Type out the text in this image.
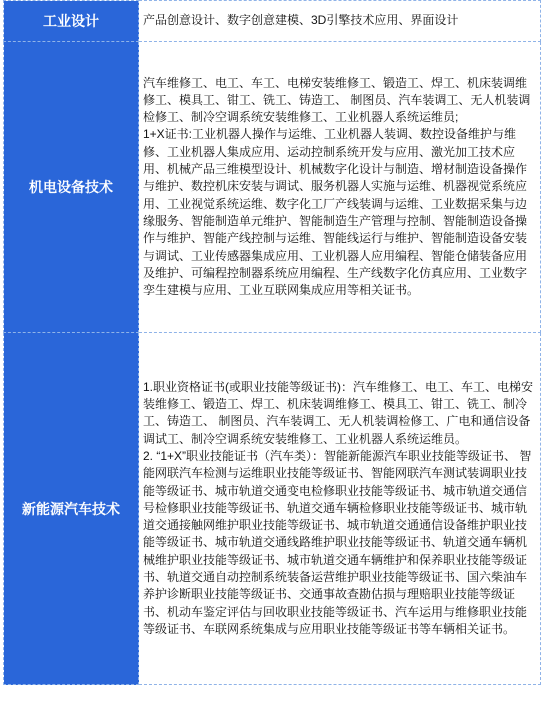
工业设计	产品创意设计、数字创意建模、3D引擎技术应用、界面设计

机电设备技术	汽车维修工、电工、车工、电梯安装维修工、锻造工、焊工、机床装调维修工、模具工、钳工、铣工、铸造工、 制图员、汽车装调工、无人机装调检修工、制冷空调系统安装维修工、工业机器人系统运维员;

1+X证书:工业机器人操作与运维、工业机器人装调、数控设备维护与维修、工业机器人集成应用、运动控制系统开发与应用、激光加工技术应用、机械产品三维模型设计、机械数字化设计与制造、增材制造设备操作与维护、数控机床安装与调试、服务机器人实施与运维、机器视觉系统应用、工业视觉系统运维、数字化工厂产线装调与运维、工业数据采集与边缘服务、智能制造单元维护、智能制造生产管理与控制、智能制造设备操作与维护、智能产线控制与运维、智能线运行与维护、智能制造设备安装与调试、工业传感器集成应用、工业机器人应用编程、智能仓储装备应用及维护、可编程控制器系统应用编程、生产线数字化仿真应用、工业数字孪生建模与应用、工业互联网集成应用等相关证书。

新能源汽车技术	1.职业资格证书(或职业技能等级证书)：汽车维修工、电工、车工、电梯安装维修工、锻造工、焊工、机床装调维修工、模具工、钳工、铣工、制冷工、铸造工、 制图员、汽车装调工、无人机装调检修工、广电和通信设备调试工、制冷空调系统安装维修工、工业机器人系统运维员。

2. “1+X”职业技能证书（汽车类）：智能新能源汽车职业技能等级证书、 智能网联汽车检测与运维职业技能等级证书、智能网联汽车测试装调职业技能等级证书、城市轨道交通变电检修职业技能等级证书、城市轨道交通信号检修职业技能等级证书、轨道交通车辆检修职业技能等级证书、城市轨道交通接触网维护职业技能等级证书、城市轨道交通通信设备维护职业技能等级证书、城市轨道交通线路维护职业技能等级证书、轨道交通车辆机械维护职业技能等级证书、城市轨道交通车辆维护和保养职业技能等级证书、轨道交通自动控制系统装备运营维护职业技能等级证书、国六柴油车养护诊断职业技能等级证书、交通事故查勘估损与理赔职业技能等级证书、机动车鉴定评估与回收职业技能等级证书、汽车运用与维修职业技能等级证书、车联网系统集成与应用职业技能等级证书等车辆相关证书。
